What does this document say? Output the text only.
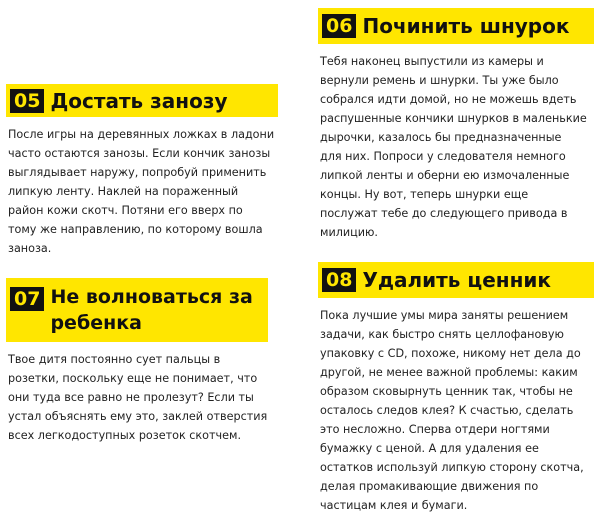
05 Достать занозу
После игры на деревянных ложках в ладони
часто остаются занозы. Если кончик занозы
выглядывает наружу, попробуй применить
липкую ленту. Наклей на пораженный
район кожи скотч. Потяни его вверх по
тому же направлению, по которому вошла
заноза.
06 Починить шнурок
Тебя наконец выпустили из камеры и
вернули ремень и шнурки. Ты уже было
собрался идти домой, но не можешь вдеть
распушенные кончики шнурков в маленькие
дырочки, казалось бы предназначенные
для них. Попроси у следователя немного
липкой ленты и оберни ею измочаленные
концы. Ну вот, теперь шнурки еще
послужат тебе до следующего привода в
милицию.
07 Не волноваться за
ребенка
Твое дитя постоянно сует пальцы в
розетки, поскольку еще не понимает, что
они туда все равно не пролезут? Если ты
устал объяснять ему это, заклей отверстия
всех легкодоступных розеток скотчем.
08 Удалить ценник
Пока лучшие умы мира заняты решением
задачи, как быстро снять целлофановую
упаковку с CD, похоже, никому нет дела до
другой, не менее важной проблемы: каким
образом сковырнуть ценник так, чтобы не
осталось следов клея? К счастью, сделать
это несложно. Сперва отдери ногтями
бумажку с ценой. А для удаления ее
остатков используй липкую сторону скотча,
делая промакивающие движения по
частицам клея и бумаги.
